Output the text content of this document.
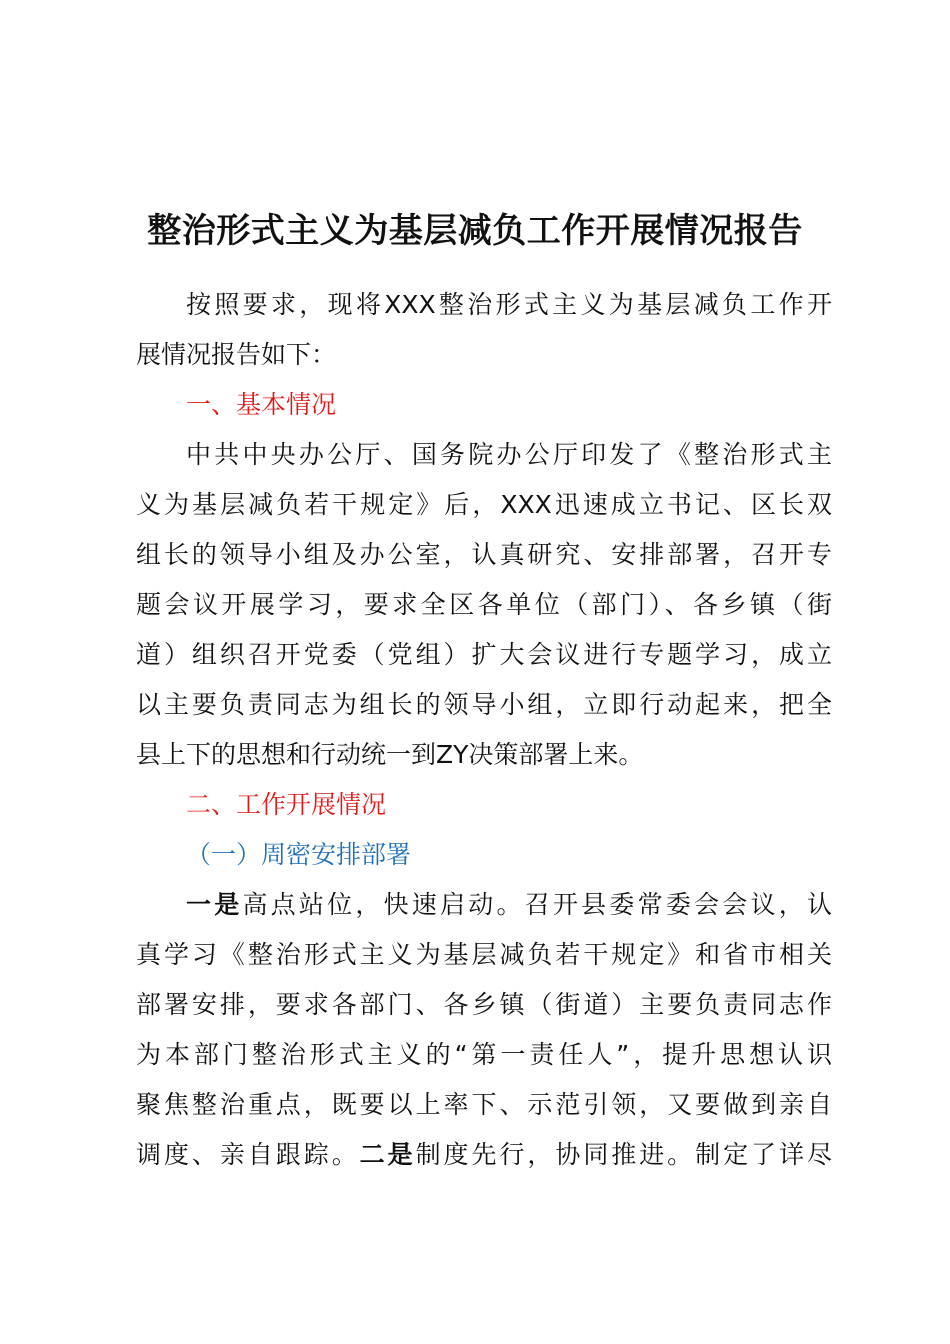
整治形式主义为基层减负工作开展情况报告
按照要求，现将XXX整治形式主义为基层减负工作开
展情况报告如下：
一、基本情况
中共中央办公厅、国务院办公厅印发了《整治形式主
义为基层减负若干规定》后，XXX迅速成立书记、区长双
组长的领导小组及办公室，认真研究、安排部署，召开专
题会议开展学习，要求全区各单位（部门）、各乡镇（街
道）组织召开党委（党组）扩大会议进行专题学习，成立
以主要负责同志为组长的领导小组，立即行动起来，把全
县上下的思想和行动统一到ZY决策部署上来。
二、工作开展情况
（一）周密安排部署
一是高点站位，快速启动。召开县委常委会会议，认
真学习《整治形式主义为基层减负若干规定》和省市相关
部署安排，要求各部门、各乡镇（街道）主要负责同志作
为本部门整治形式主义的“第一责任人”，提升思想认识
聚焦整治重点，既要以上率下、示范引领，又要做到亲自
调度、亲自跟踪。二是制度先行，协同推进。制定了详尽
